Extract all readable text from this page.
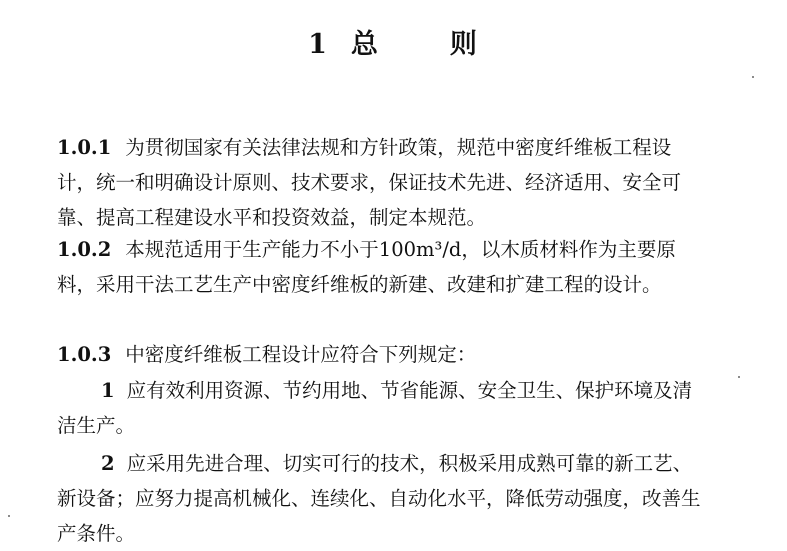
1 总	则

1.0.1 为贯彻国家有关法律法规和方针政策，规范中密度纤维板工程设计，统一和明确设计原则、技术要求，保证技术先进、经济适用、安全可靠、提高工程建设水平和投资效益，制定本规范。

1.0.2 本规范适用于生产能力不小于100m³/d，以木质材料作为主要原料，采用干法工艺生产中密度纤维板的新建、改建和扩建工程的设计。

1.0.3 中密度纤维板工程设计应符合下列规定：

1 应有效利用资源、节约用地、节省能源、安全卫生、保护环境及清洁生产。

2 应采用先进合理、切实可行的技术，积极采用成熟可靠的新工艺、新设备；应努力提高机械化、连续化、自动化水平，降低劳动强度，改善生产条件。
